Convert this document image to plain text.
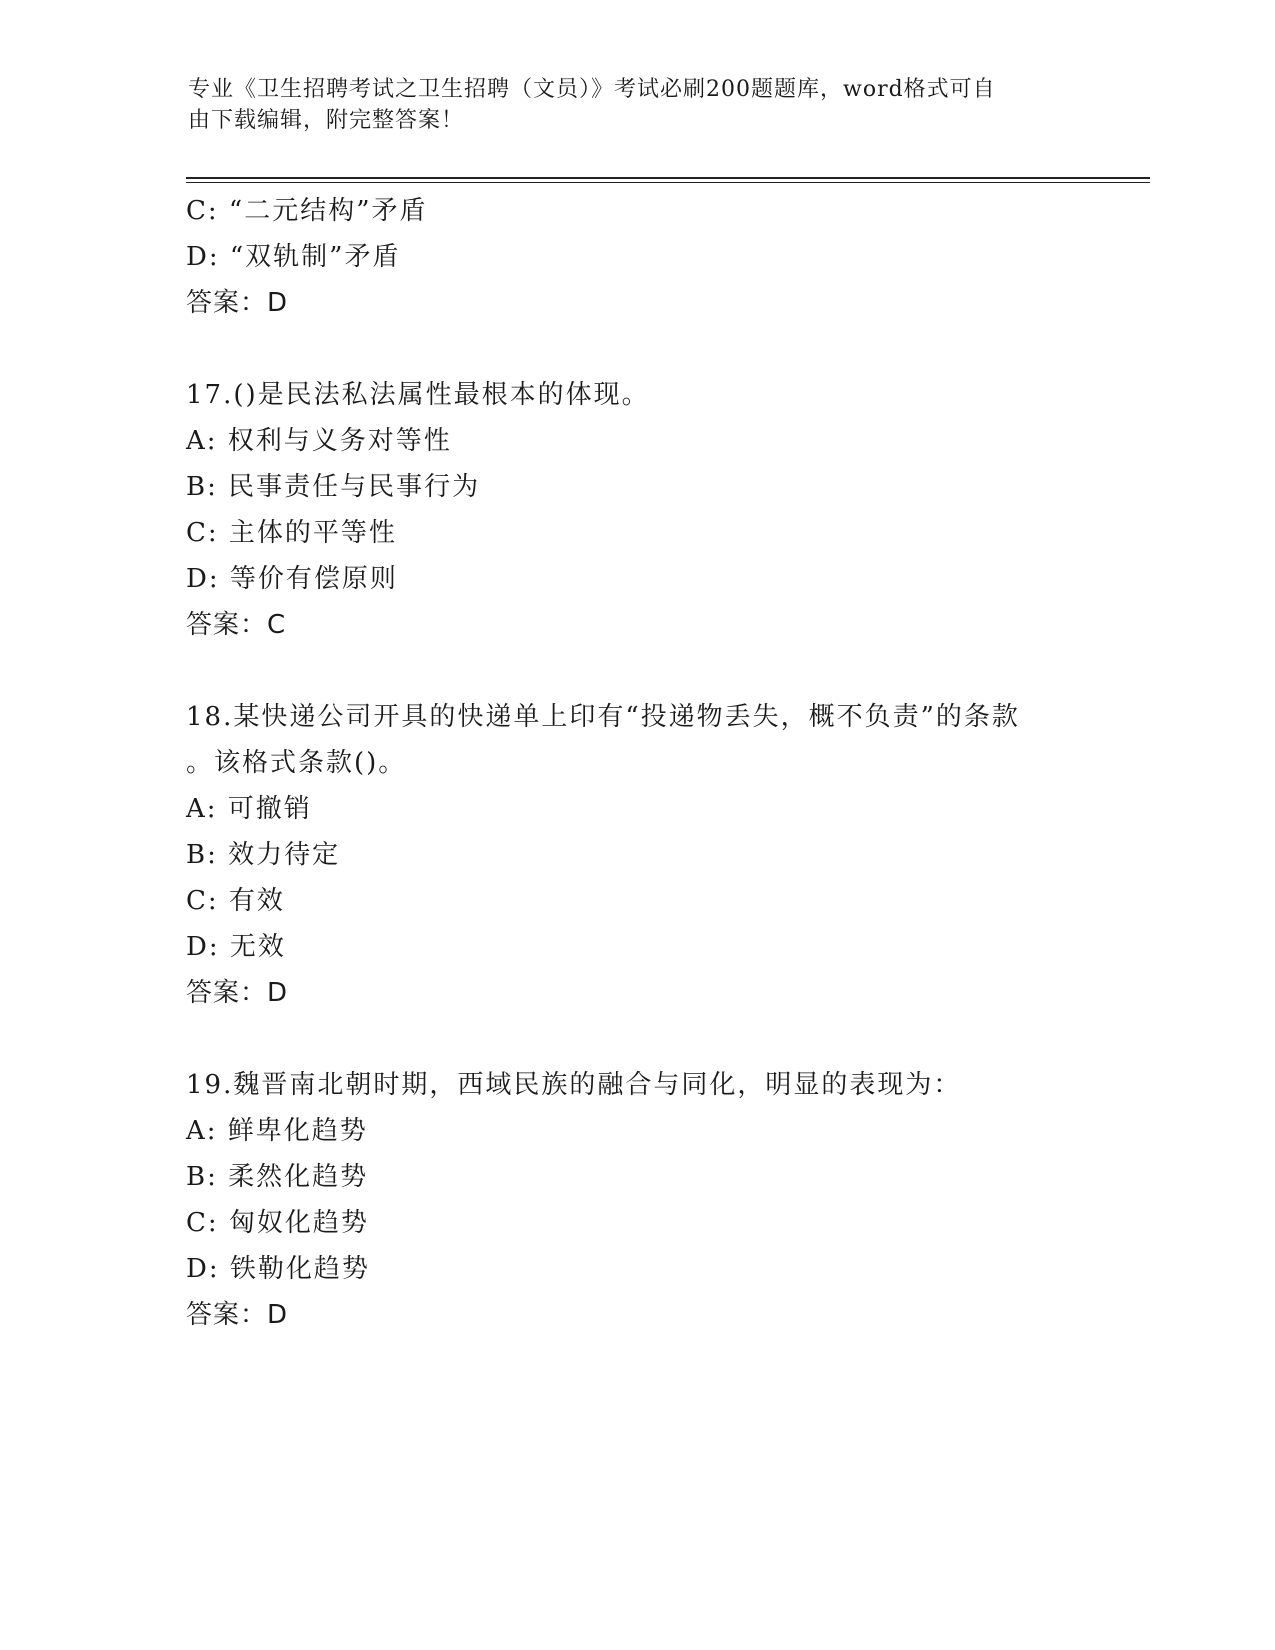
专业《卫生招聘考试之卫生招聘（文员）》考试必刷200题题库，word格式可自
由下载编辑，附完整答案！
C: “二元结构”矛盾
D: “双轨制”矛盾
答案：D
17.()是民法私法属性最根本的体现。
A: 权利与义务对等性
B: 民事责任与民事行为
C: 主体的平等性
D: 等价有偿原则
答案：C
18.某快递公司开具的快递单上印有“投递物丢失，概不负责”的条款
。该格式条款()。
A: 可撤销
B: 效力待定
C: 有效
D: 无效
答案：D
19.魏晋南北朝时期，西域民族的融合与同化，明显的表现为：
A: 鲜卑化趋势
B: 柔然化趋势
C: 匈奴化趋势
D: 铁勒化趋势
答案：D
